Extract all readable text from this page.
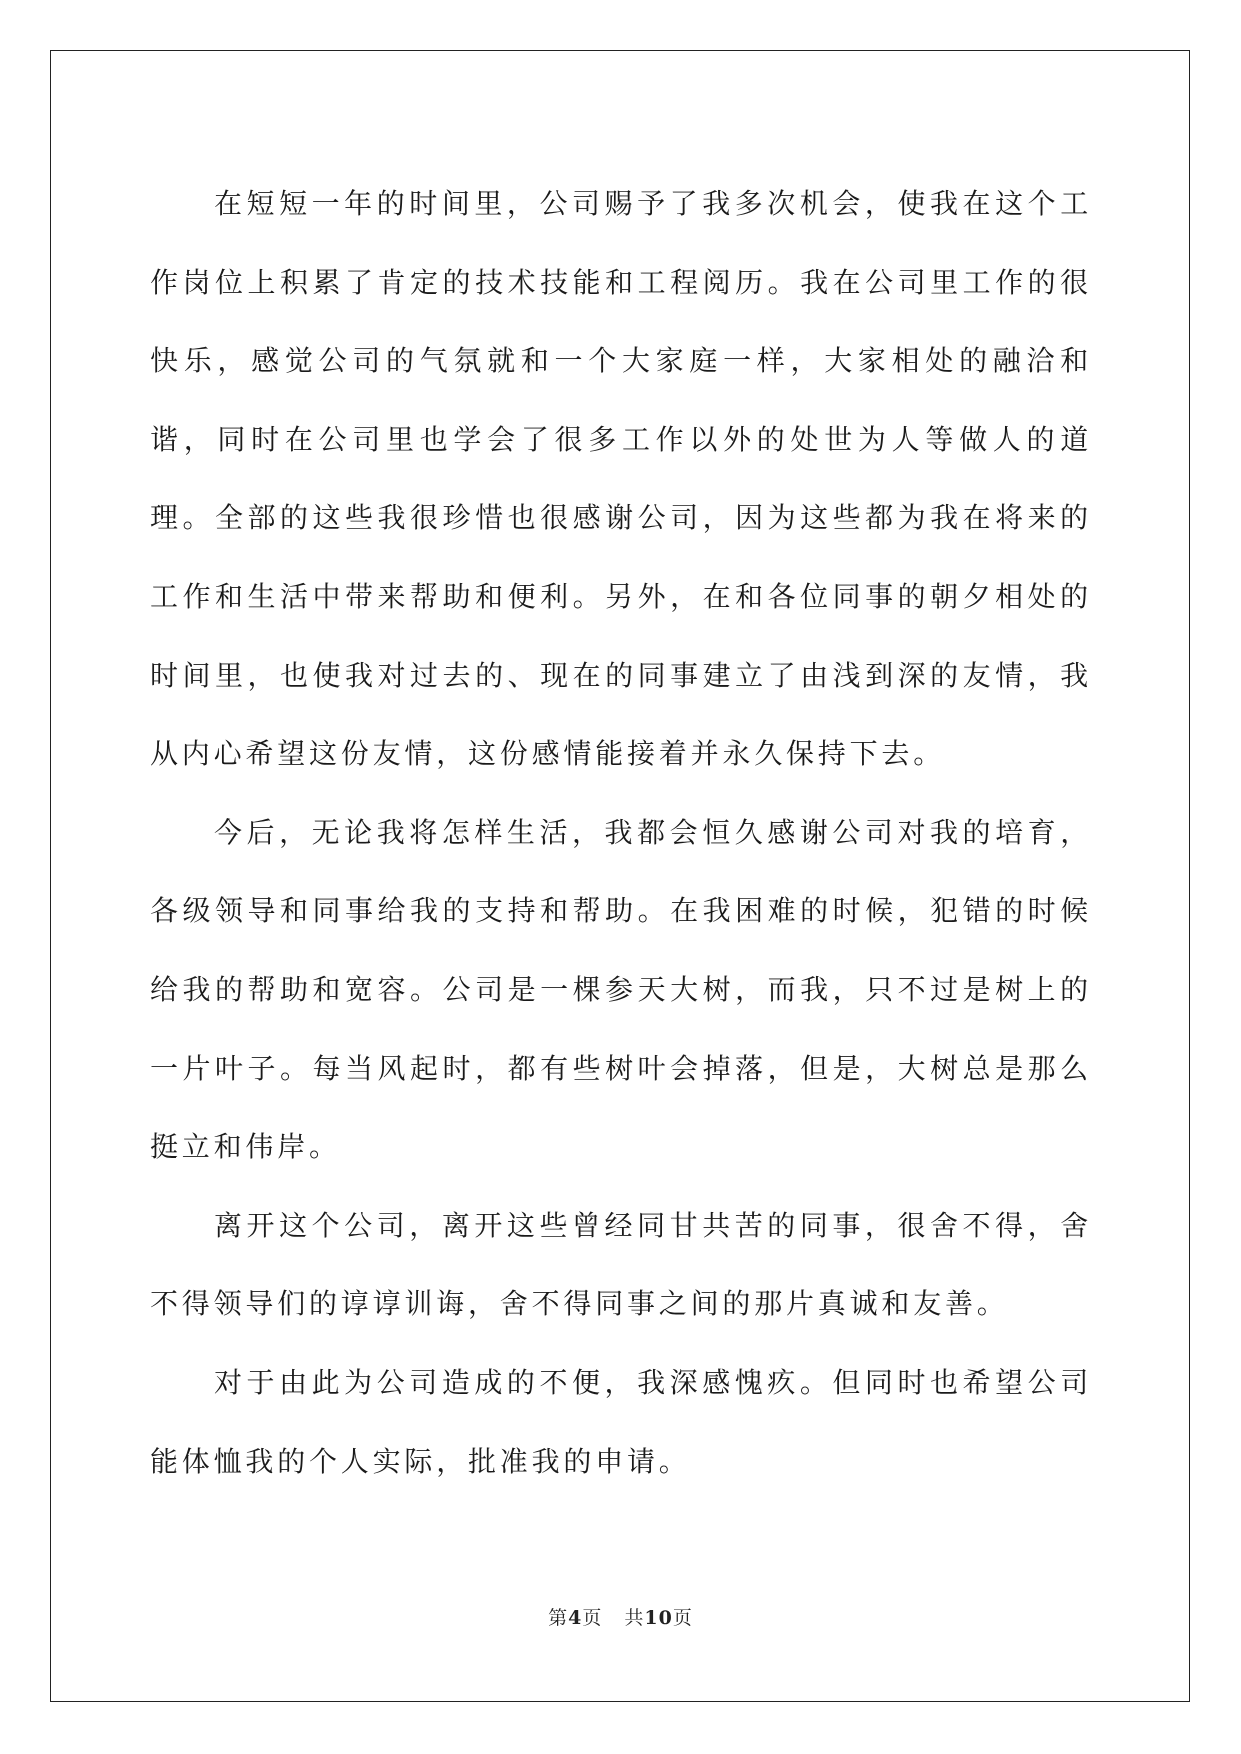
在短短一年的时间里，公司赐予了我多次机会，使我在这个工作岗位上积累了肯定的技术技能和工程阅历。我在公司里工作的很快乐，感觉公司的气氛就和一个大家庭一样，大家相处的融洽和谐，同时在公司里也学会了很多工作以外的处世为人等做人的道理。全部的这些我很珍惜也很感谢公司，因为这些都为我在将来的工作和生活中带来帮助和便利。另外，在和各位同事的朝夕相处的时间里，也使我对过去的、现在的同事建立了由浅到深的友情，我从内心希望这份友情，这份感情能接着并永久保持下去。

今后，无论我将怎样生活，我都会恒久感谢公司对我的培育，各级领导和同事给我的支持和帮助。在我困难的时候，犯错的时候给我的帮助和宽容。公司是一棵参天大树，而我，只不过是树上的一片叶子。每当风起时，都有些树叶会掉落，但是，大树总是那么挺立和伟岸。

离开这个公司，离开这些曾经同甘共苦的同事，很舍不得，舍不得领导们的谆谆训诲，舍不得同事之间的那片真诚和友善。

对于由此为公司造成的不便，我深感愧疚。但同时也希望公司能体恤我的个人实际，批准我的申请。

第4页 共10页
